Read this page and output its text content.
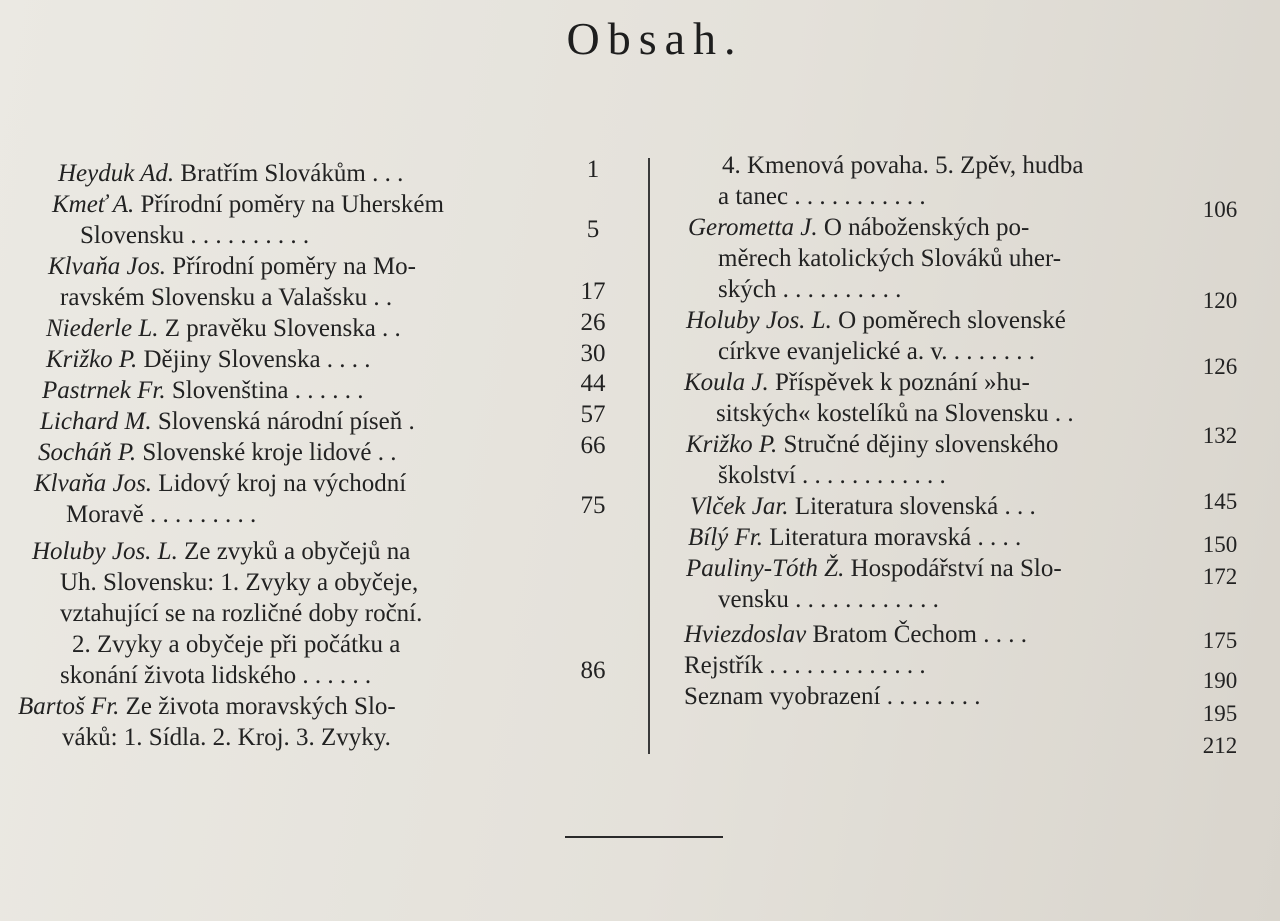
Obsah.
Heyduk Ad. Bratřím Slovákům . . .
Kmeť A. Přírodní poměry na Uherském
Slovensku . . . . . . . . . .
Klvaňa Jos. Přírodní poměry na Mo-
ravském Slovensku a Valašsku . .
Niederle L. Z pravěku Slovenska . .
Križko P. Dějiny Slovenska . . . .
Pastrnek Fr. Slovenština . . . . . .
Lichard M. Slovenská národní píseň .
Socháň P. Slovenské kroje lidové . .
Klvaňa Jos. Lidový kroj na východní
Moravě . . . . . . . . .
Holuby Jos. L. Ze zvyků a obyčejů na
Uh. Slovensku: 1. Zvyky a obyčeje,
vztahující se na rozličné doby roční.
2. Zvyky a obyčeje při počátku a
skonání života lidského . . . . . .
Bartoš Fr. Ze života moravských Slo-
váků: 1. Sídla. 2. Kroj. 3. Zvyky.
1
5
17
26
30
44
57
66
75
86
4. Kmenová povaha. 5. Zpěv, hudba
a tanec . . . . . . . . . . .
Gerometta J. O náboženských po-
měrech katolických Slováků uher-
ských . . . . . . . . . .
Holuby Jos. L. O poměrech slovenské
církve evanjelické a. v. . . . . . . .
Koula J. Příspěvek k poznání »hu-
sitských« kostelíků na Slovensku . .
Križko P. Stručné dějiny slovenského
školství . . . . . . . . . . . .
Vlček Jar. Literatura slovenská . . .
Bílý Fr. Literatura moravská . . . .
Pauliny-Tóth Ž. Hospodářství na Slo-
vensku . . . . . . . . . . . .
Hviezdoslav Bratom Čechom . . . .
Rejstřík . . . . . . . . . . . . .
Seznam vyobrazení . . . . . . . .
106
120
126
132
145
150
172
175
190
195
212
